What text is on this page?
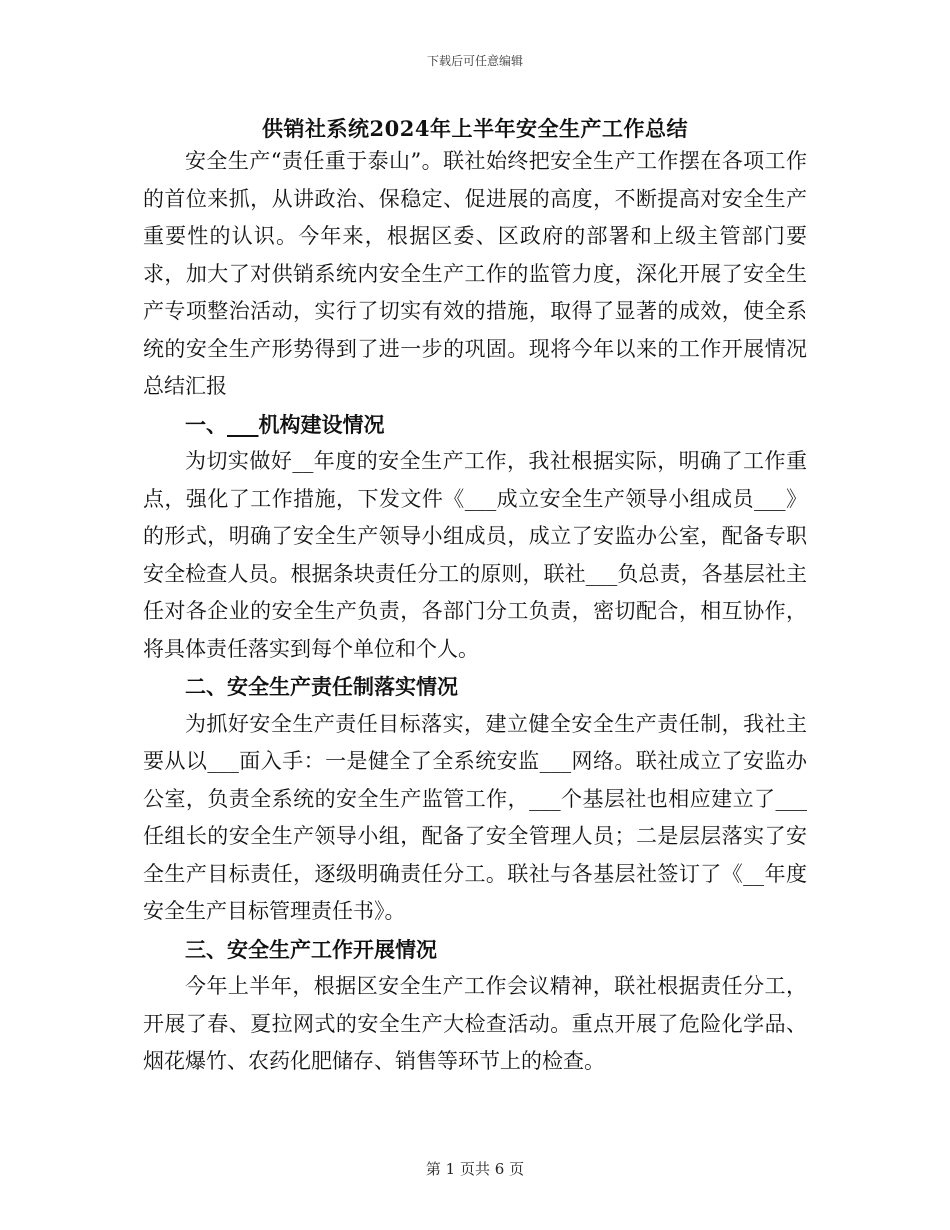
下载后可任意编辑
供销社系统2024年上半年安全生产工作总结

安全生产“责任重于泰山”。联社始终把安全生产工作摆在各项工作的首位来抓，从讲政治、保稳定、促进展的高度，不断提高对安全生产重要性的认识。今年来，根据区委、区政府的部署和上级主管部门要求，加大了对供销系统内安全生产工作的监管力度，深化开展了安全生产专项整治活动，实行了切实有效的措施，取得了显著的成效，使全系统的安全生产形势得到了进一步的巩固。现将今年以来的工作开展情况总结汇报

一、___机构建设情况

为切实做好__年度的安全生产工作，我社根据实际，明确了工作重点，强化了工作措施，下发文件《___成立安全生产领导小组成员___》的形式，明确了安全生产领导小组成员，成立了安监办公室，配备专职安全检查人员。根据条块责任分工的原则，联社___负总责，各基层社主任对各企业的安全生产负责，各部门分工负责，密切配合，相互协作，将具体责任落实到每个单位和个人。

二、安全生产责任制落实情况

为抓好安全生产责任目标落实，建立健全安全生产责任制，我社主要从以___面入手：一是健全了全系统安监___网络。联社成立了安监办公室，负责全系统的安全生产监管工作，___个基层社也相应建立了___任组长的安全生产领导小组，配备了安全管理人员；二是层层落实了安全生产目标责任，逐级明确责任分工。联社与各基层社签订了《__年度安全生产目标管理责任书》。

三、安全生产工作开展情况

今年上半年，根据区安全生产工作会议精神，联社根据责任分工，开展了春、夏拉网式的安全生产大检查活动。重点开展了危险化学品、烟花爆竹、农药化肥储存、销售等环节上的检查。

第 1 页共 6 页
